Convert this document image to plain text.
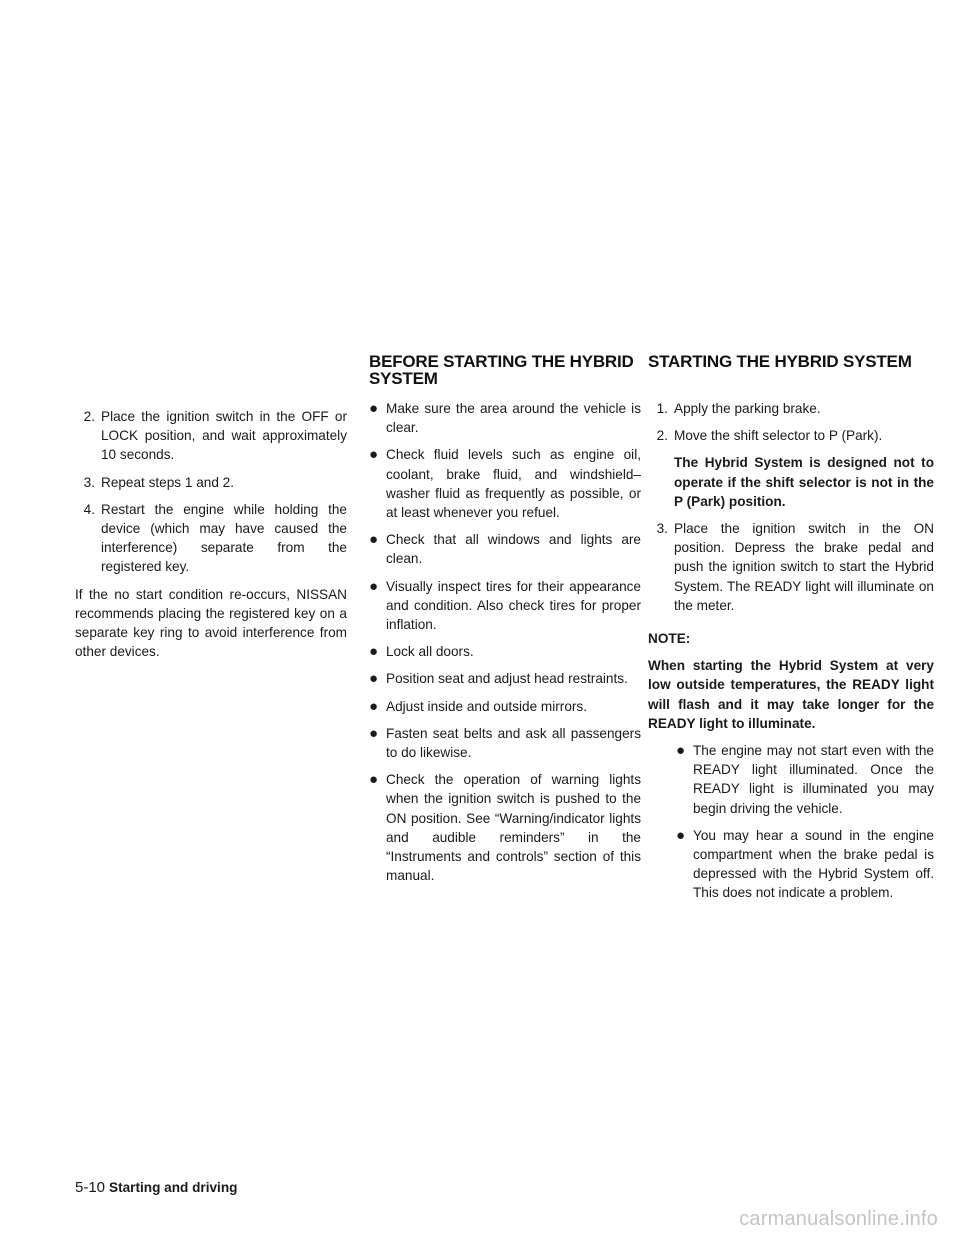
2. Place the ignition switch in the OFF or LOCK position, and wait approximately 10 seconds.
3. Repeat steps 1 and 2.
4. Restart the engine while holding the device (which may have caused the interference) separate from the registered key.

If the no start condition re-occurs, NISSAN recommends placing the registered key on a separate key ring to avoid interference from other devices.

BEFORE STARTING THE HYBRID SYSTEM
● Make sure the area around the vehicle is clear.
● Check fluid levels such as engine oil, coolant, brake fluid, and windshield–washer fluid as frequently as possible, or at least whenever you refuel.
● Check that all windows and lights are clean.
● Visually inspect tires for their appearance and condition. Also check tires for proper inflation.
● Lock all doors.
● Position seat and adjust head restraints.
● Adjust inside and outside mirrors.
● Fasten seat belts and ask all passengers to do likewise.
● Check the operation of warning lights when the ignition switch is pushed to the ON position. See “Warning/indicator lights and audible reminders” in the “Instruments and controls” section of this manual.
STARTING THE HYBRID SYSTEM
1. Apply the parking brake.
2. Move the shift selector to P (Park).
The Hybrid System is designed not to operate if the shift selector is not in the P (Park) position.
3. Place the ignition switch in the ON position. Depress the brake pedal and push the ignition switch to start the Hybrid System. The READY light will illuminate on the meter.
NOTE:

When starting the Hybrid System at very low outside temperatures, the READY light will flash and it may take longer for the READY light to illuminate.

● The engine may not start even with the READY light illuminated. Once the READY light is illuminated you may begin driving the vehicle.
● You may hear a sound in the engine compartment when the brake pedal is depressed with the Hybrid System off. This does not indicate a problem.
5-10 Starting and driving
carmanualsonline.info
